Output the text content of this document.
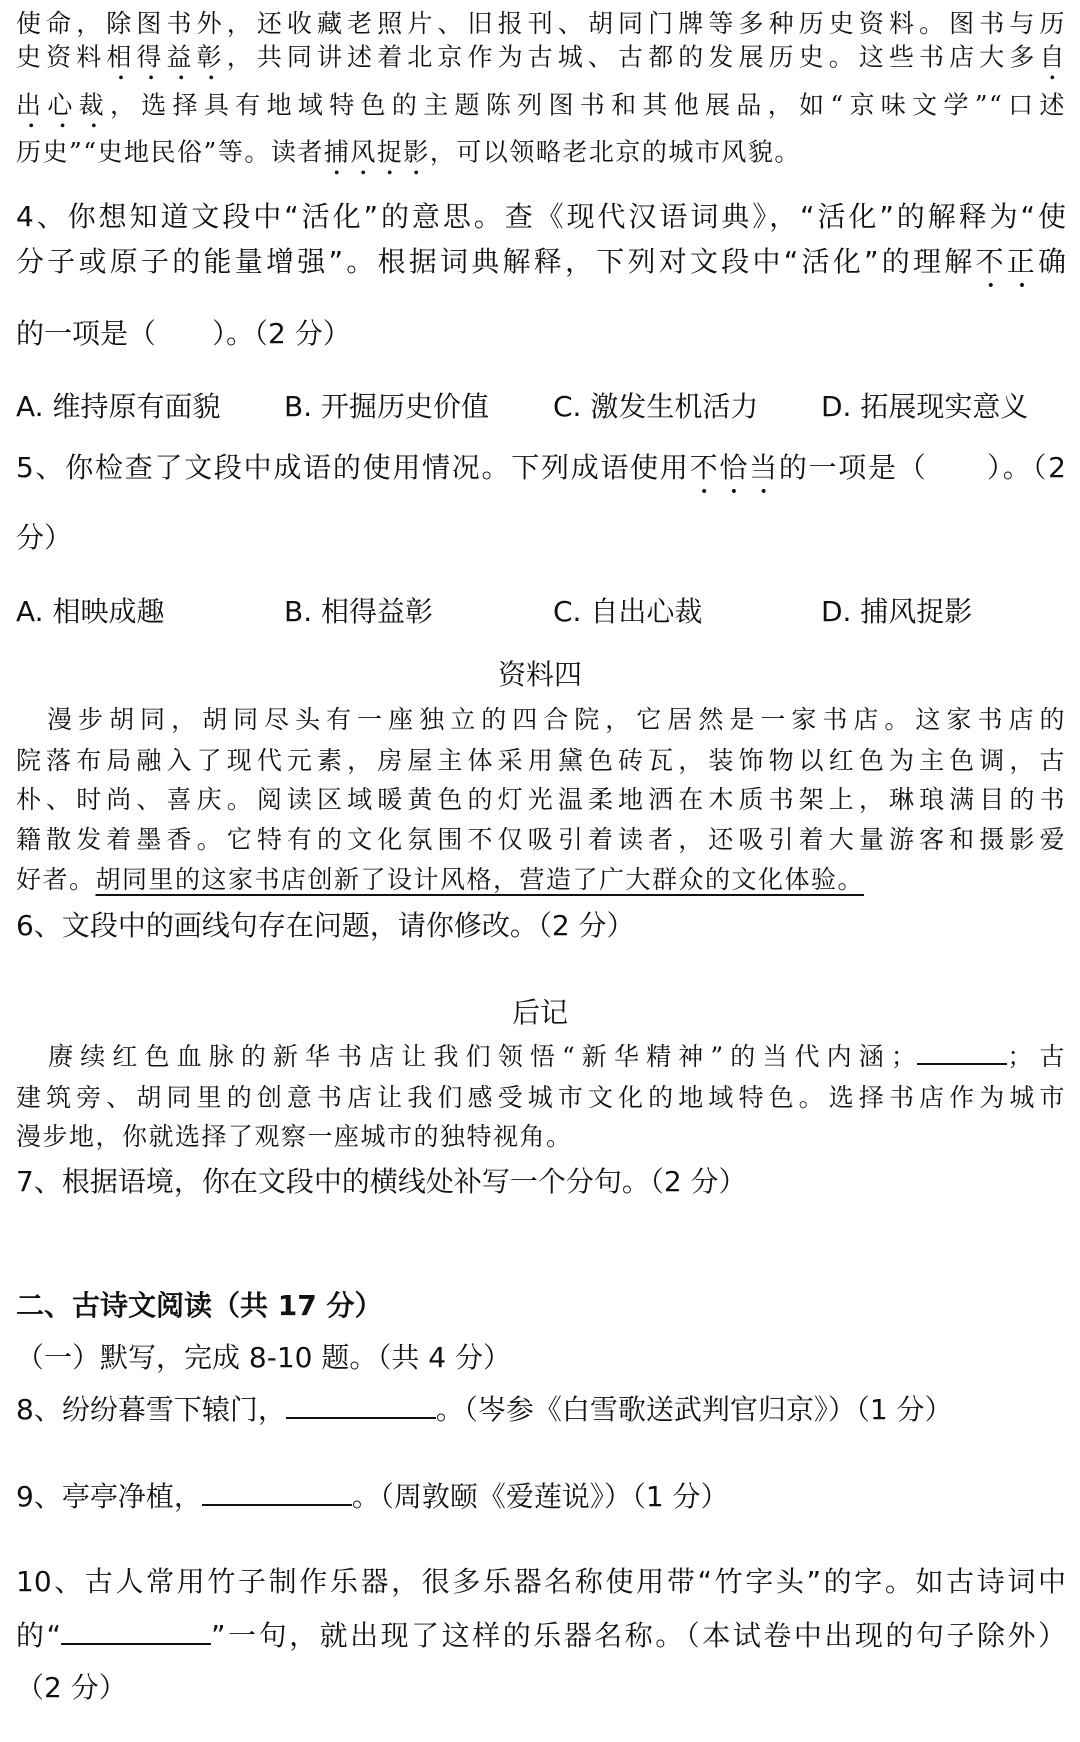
使命，除图书外，还收藏老照片、旧报刊、胡同门牌等多种历史资料。图书与历
史资料相得益彰，共同讲述着北京作为古城、古都的发展历史。这些书店大多自
出心裁，选择具有地域特色的主题陈列图书和其他展品，如“京味文学”“口述
历史”“史地民俗”等。读者捕风捉影，可以领略老北京的城市风貌。
4、你想知道文段中“活化”的意思。查《现代汉语词典》，“活化”的解释为“使
分子或原子的能量增强”。根据词典解释，下列对文段中“活化”的理解不正确
的一项是（　　）。（2 分）
A. 维持原有面貌 B. 开掘历史价值 C. 激发生机活力 D. 拓展现实意义
5、你检查了文段中成语的使用情况。下列成语使用不恰当的一项是（　　）。（2
分）
A. 相映成趣	B. 相得益彰	C. 自出心裁	D. 捕风捉影
资料四
　漫步胡同，胡同尽头有一座独立的四合院，它居然是一家书店。这家书店的
院落布局融入了现代元素，房屋主体采用黛色砖瓦，装饰物以红色为主色调，古
朴、时尚、喜庆。阅读区域暖黄色的灯光温柔地洒在木质书架上，琳琅满目的书
籍散发着墨香。它特有的文化氛围不仅吸引着读者，还吸引着大量游客和摄影爱
好者。胡同里的这家书店创新了设计风格，营造了广大群众的文化体验。
6、文段中的画线句存在问题，请你修改。（2 分）
后记
　赓续红色血脉的新华书店让我们领悟“新华精神”的当代内涵；	；古
建筑旁、胡同里的创意书店让我们感受城市文化的地域特色。选择书店作为城市
漫步地，你就选择了观察一座城市的独特视角。
7、根据语境，你在文段中的横线处补写一个分句。（2 分）
二、古诗文阅读（共 17 分）
（一）默写，完成 8-10 题。（共 4 分）
8、纷纷暮雪下辕门，	。（岑参《白雪歌送武判官归京》）（1 分）
9、亭亭净植，	。（周敦颐《爱莲说》）（1 分）
10、古人常用竹子制作乐器，很多乐器名称使用带“竹字头”的字。如古诗词中
的“	”一句，就出现了这样的乐器名称。（本试卷中出现的句子除外）
（2 分）
